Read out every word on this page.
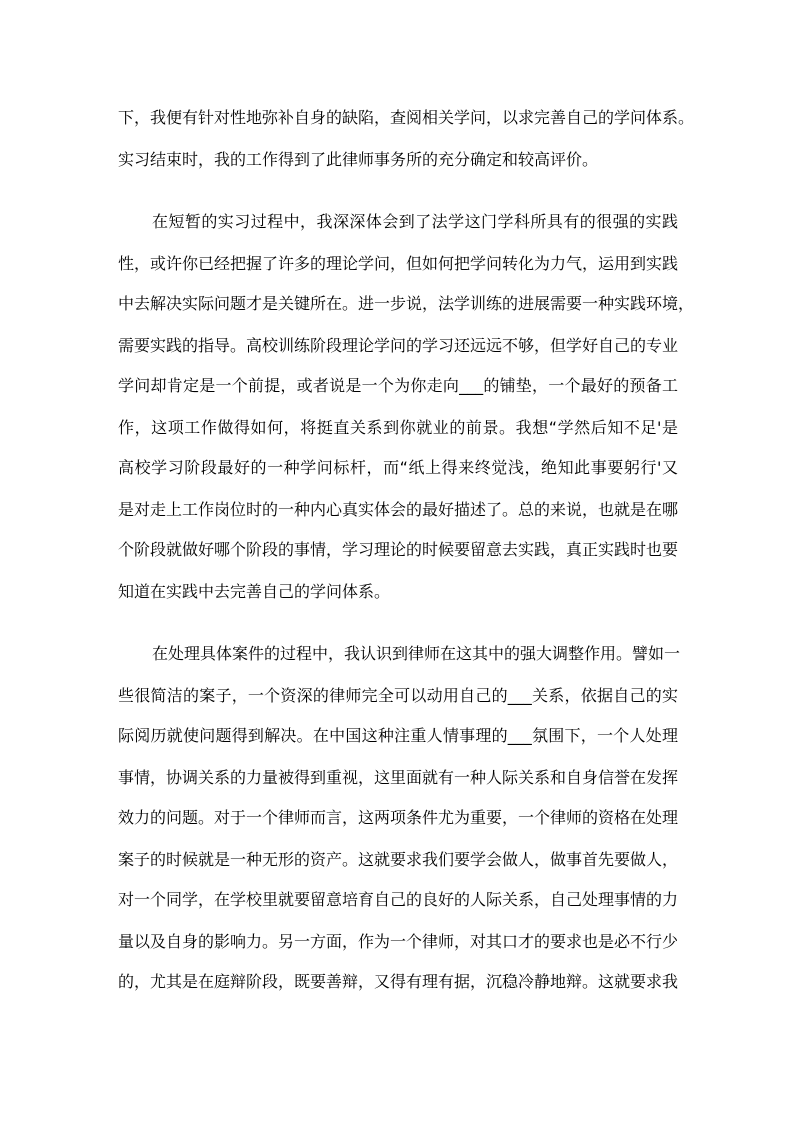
下，我便有针对性地弥补自身的缺陷，查阅相关学问，以求完善自己的学问体系。
实习结束时，我的工作得到了此律师事务所的充分确定和较高评价。
在短暂的实习过程中，我深深体会到了法学这门学科所具有的很强的实践
性，或许你已经把握了许多的理论学问，但如何把学问转化为力气，运用到实践
中去解决实际问题才是关键所在。进一步说，法学训练的进展需要一种实践环境，
需要实践的指导。高校训练阶段理论学问的学习还远远不够，但学好自己的专业
学问却肯定是一个前提，或者说是一个为你走向___的铺垫，一个最好的预备工
作，这项工作做得如何，将挺直关系到你就业的前景。我想“学然后知不足'是
高校学习阶段最好的一种学问标杆，而“纸上得来终觉浅，绝知此事要躬行'又
是对走上工作岗位时的一种内心真实体会的最好描述了。总的来说，也就是在哪
个阶段就做好哪个阶段的事情，学习理论的时候要留意去实践，真正实践时也要
知道在实践中去完善自己的学问体系。
在处理具体案件的过程中，我认识到律师在这其中的强大调整作用。譬如一
些很简洁的案子，一个资深的律师完全可以动用自己的___关系，依据自己的实
际阅历就使问题得到解决。在中国这种注重人情事理的___氛围下，一个人处理
事情，协调关系的力量被得到重视，这里面就有一种人际关系和自身信誉在发挥
效力的问题。对于一个律师而言，这两项条件尤为重要，一个律师的资格在处理
案子的时候就是一种无形的资产。这就要求我们要学会做人，做事首先要做人，
对一个同学，在学校里就要留意培育自己的良好的人际关系，自己处理事情的力
量以及自身的影响力。另一方面，作为一个律师，对其口才的要求也是必不行少
的，尤其是在庭辩阶段，既要善辩，又得有理有据，沉稳冷静地辩。这就要求我
